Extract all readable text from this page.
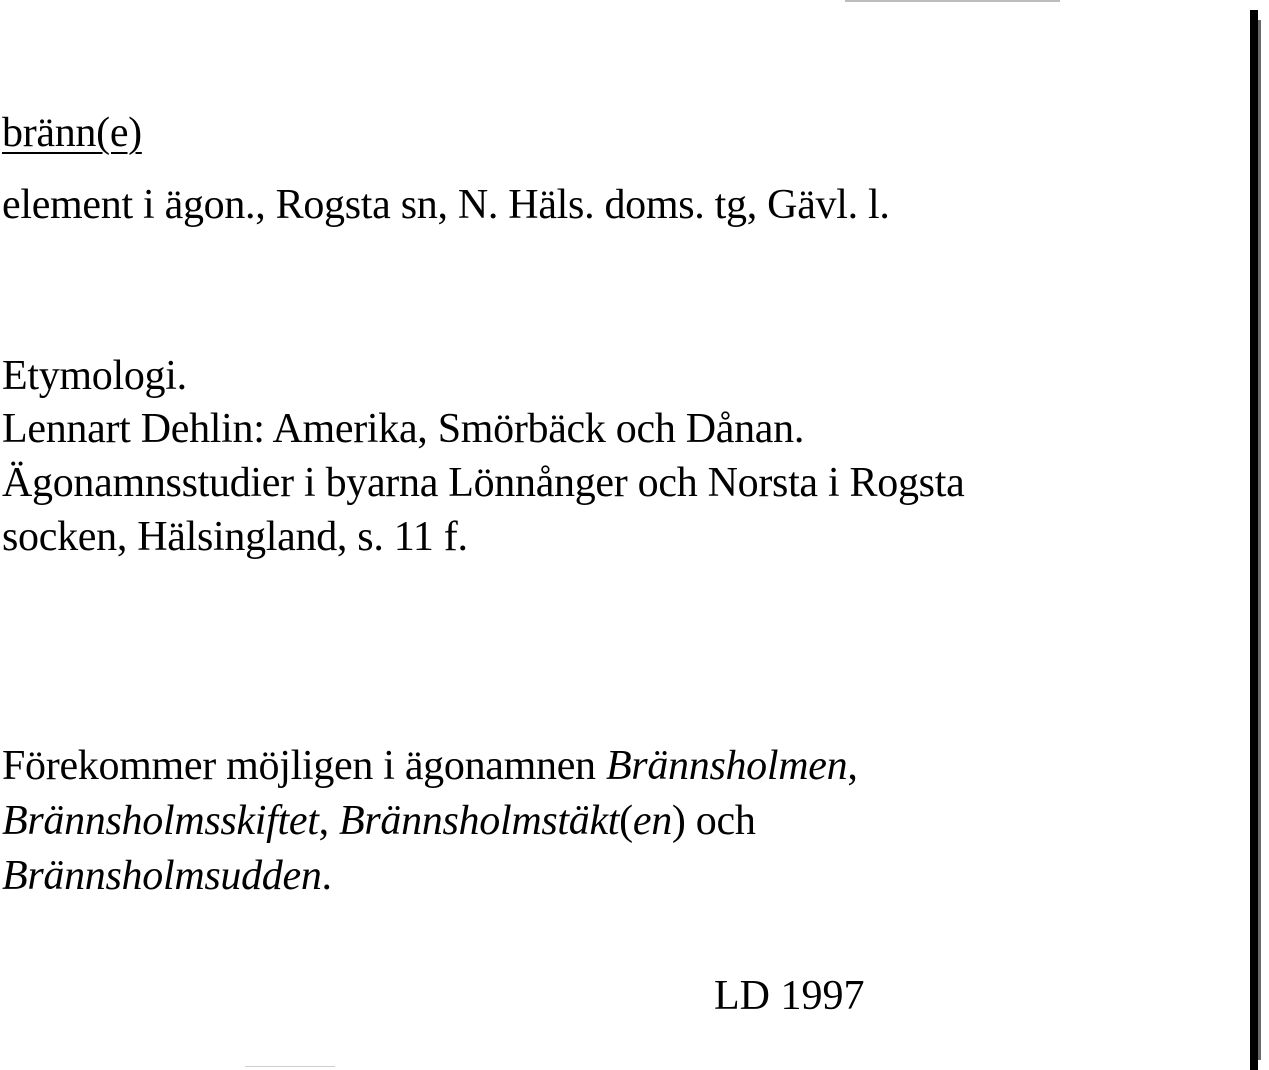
bränn(e)
element i ägon., Rogsta sn, N. Häls. doms. tg, Gävl. l.
Etymologi.
Lennart Dehlin: Amerika, Smörbäck och Dånan.
Ägonamnsstudier i byarna Lönnånger och Norsta i Rogsta
socken, Hälsingland, s. 11 f.
Förekommer möjligen i ägonamnen Brännsholmen,
Brännsholmsskiftet, Brännsholmstäkt(en) och
Brännsholmsudden.
LD 1997
